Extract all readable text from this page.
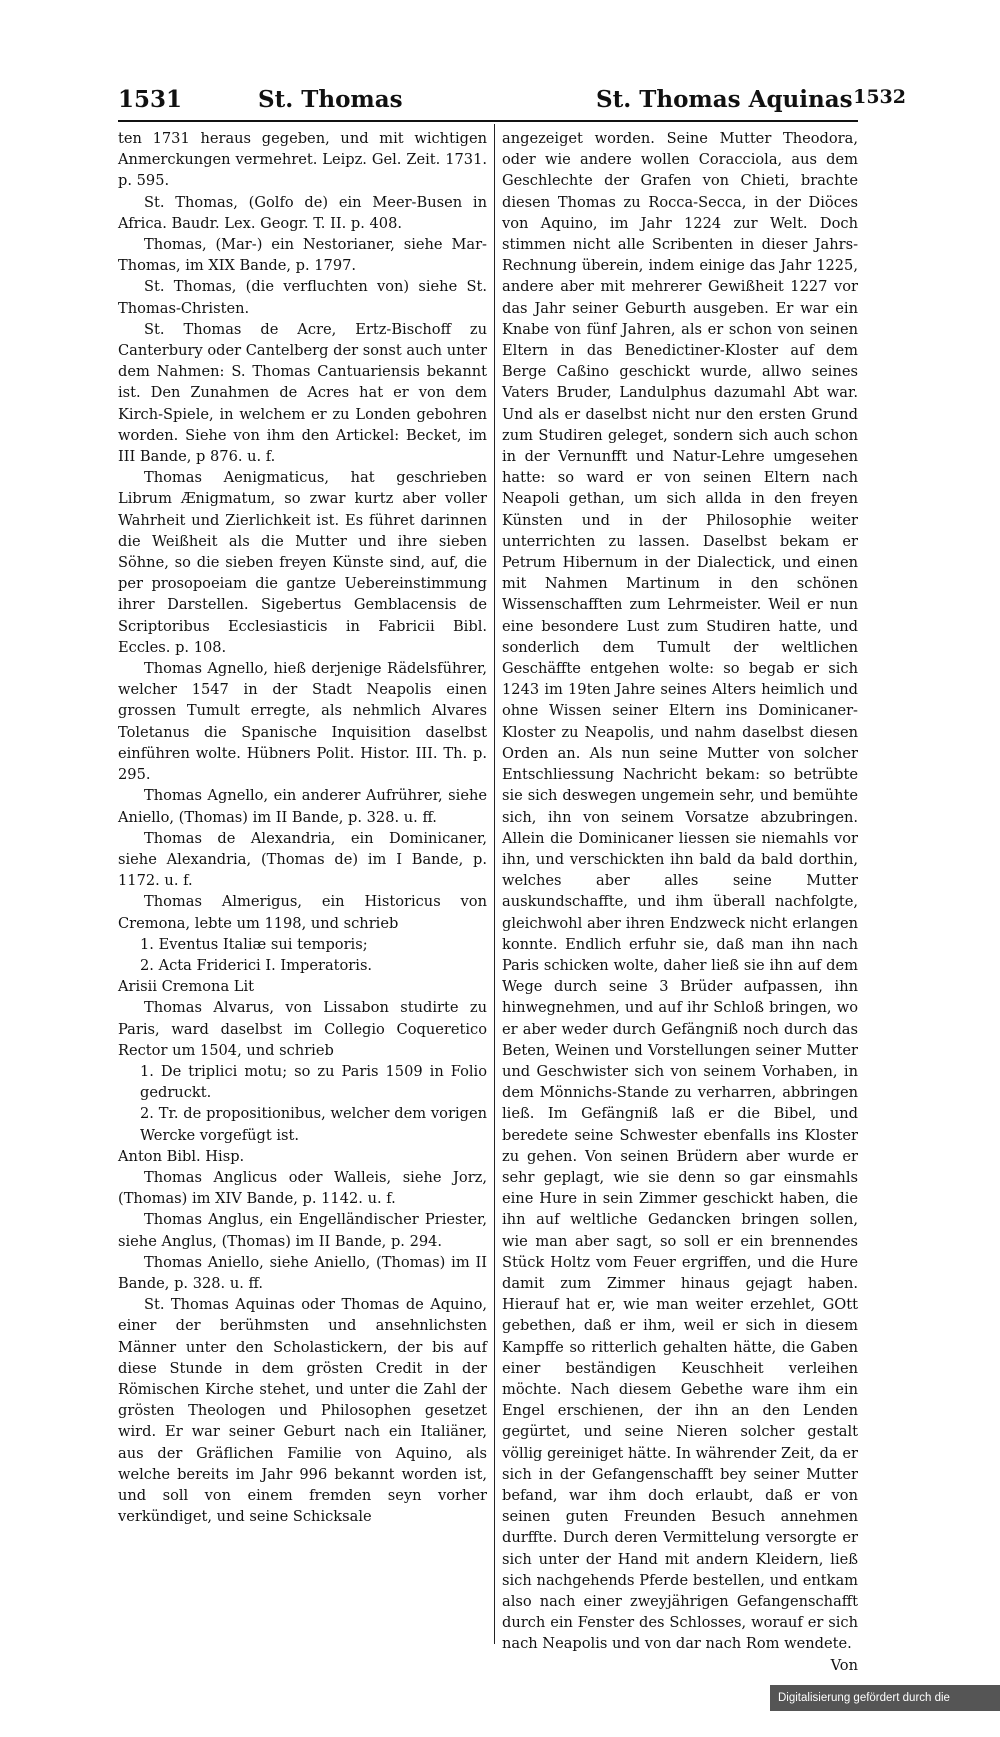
1531	St. Thomas	St. Thomas Aquinas 1532

ten 1731 heraus gegeben, und mit wichtigen Anmerckungen vermehret. Leipz. Gel. Zeit. 1731. p. 595.

St. Thomas, (Golfo de) ein Meer-Busen in Africa. Baudr. Lex. Geogr. T. II. p. 408.

Thomas, (Mar-) ein Nestorianer, siehe Mar-Thomas, im XIX Bande, p. 1797.

St. Thomas, (die verfluchten von) siehe St. Thomas-Christen.

St. Thomas de Acre, Ertz-Bischoff zu Canterbury oder Cantelberg der sonst auch unter dem Nahmen: S. Thomas Cantuariensis bekannt ist. Den Zunahmen de Acres hat er von dem Kirch-Spiele, in welchem er zu Londen gebohren worden. Siehe von ihm den Artickel: Becket, im III Bande, p 876. u. f.

Thomas Aenigmaticus, hat geschrieben Librum Ænigmatum, so zwar kurtz aber voller Wahrheit und Zierlichkeit ist. Es führet darinnen die Weißheit als die Mutter und ihre sieben Söhne, so die sieben freyen Künste sind, auf, die per prosopoeiam die gantze Uebereinstimmung ihrer Darstellen. Sigebertus Gemblacensis de Scriptoribus Ecclesiasticis in Fabricii Bibl. Eccles. p. 108.

Thomas Agnello, hieß derjenige Rädelsführer, welcher 1547 in der Stadt Neapolis einen grossen Tumult erregte, als nehmlich Alvares Toletanus die Spanische Inquisition daselbst einführen wolte. Hübners Polit. Histor. III. Th. p. 295.

Thomas Agnello, ein anderer Aufrührer, siehe Aniello, (Thomas) im II Bande, p. 328. u. ff.

Thomas de Alexandria, ein Dominicaner, siehe Alexandria, (Thomas de) im I Bande, p. 1172. u. f.

Thomas Almerigus, ein Historicus von Cremona, lebte um 1198, und schrieb

1. Eventus Italiæ sui temporis;

2. Acta Friderici I. Imperatoris.

Arisii Cremona Lit

Thomas Alvarus, von Lissabon studirte zu Paris, ward daselbst im Collegio Coqueretico Rector um 1504, und schrieb

1. De triplici motu; so zu Paris 1509 in Folio gedruckt.

2. Tr. de propositionibus, welcher dem vorigen Wercke vorgefügt ist.

Anton Bibl. Hisp.

Thomas Anglicus oder Walleis, siehe Jorz, (Thomas) im XIV Bande, p. 1142. u. f.

Thomas Anglus, ein Engelländischer Priester, siehe Anglus, (Thomas) im II Bande, p. 294.

Thomas Aniello, siehe Aniello, (Thomas) im II Bande, p. 328. u. ff.

St. Thomas Aquinas oder Thomas de Aquino, einer der berühmsten und ansehnlichsten Männer unter den Scholastickern, der bis auf diese Stunde in dem grösten Credit in der Römischen Kirche stehet, und unter die Zahl der grösten Theologen und Philosophen gesetzet wird. Er war seiner Geburt nach ein Italiäner, aus der Gräflichen Familie von Aquino, als welche bereits im Jahr 996 bekannt worden ist, und soll von einem fremden seyn vorher verkündiget, und seine Schicksale

angezeiget worden. Seine Mutter Theodora, oder wie andere wollen Coracciola, aus dem Geschlechte der Grafen von Chieti, brachte diesen Thomas zu Rocca-Secca, in der Diöces von Aquino, im Jahr 1224 zur Welt. Doch stimmen nicht alle Scribenten in dieser Jahrs-Rechnung überein, indem einige das Jahr 1225, andere aber mit mehrerer Gewißheit 1227 vor das Jahr seiner Geburth ausgeben. Er war ein Knabe von fünf Jahren, als er schon von seinen Eltern in das Benedictiner-Kloster auf dem Berge Caßino geschickt wurde, allwo seines Vaters Bruder, Landulphus dazumahl Abt war. Und als er daselbst nicht nur den ersten Grund zum Studiren geleget, sondern sich auch schon in der Vernunfft und Natur-Lehre umgesehen hatte: so ward er von seinen Eltern nach Neapoli gethan, um sich allda in den freyen Künsten und in der Philosophie weiter unterrichten zu lassen. Daselbst bekam er Petrum Hibernum in der Dialectick, und einen mit Nahmen Martinum in den schönen Wissenschafften zum Lehrmeister. Weil er nun eine besondere Lust zum Studiren hatte, und sonderlich dem Tumult der weltlichen Geschäffte entgehen wolte: so begab er sich 1243 im 19ten Jahre seines Alters heimlich und ohne Wissen seiner Eltern ins Dominicaner-Kloster zu Neapolis, und nahm daselbst diesen Orden an. Als nun seine Mutter von solcher Entschliessung Nachricht bekam: so betrübte sie sich deswegen ungemein sehr, und bemühte sich, ihn von seinem Vorsatze abzubringen. Allein die Dominicaner liessen sie niemahls vor ihn, und verschickten ihn bald da bald dorthin, welches aber alles seine Mutter auskundschaffte, und ihm überall nachfolgte, gleichwohl aber ihren Endzweck nicht erlangen konnte. Endlich erfuhr sie, daß man ihn nach Paris schicken wolte, daher ließ sie ihn auf dem Wege durch seine 3 Brüder aufpassen, ihn hinwegnehmen, und auf ihr Schloß bringen, wo er aber weder durch Gefängniß noch durch das Beten, Weinen und Vorstellungen seiner Mutter und Geschwister sich von seinem Vorhaben, in dem Mönnichs-Stande zu verharren, abbringen ließ. Im Gefängniß laß er die Bibel, und beredete seine Schwester ebenfalls ins Kloster zu gehen. Von seinen Brüdern aber wurde er sehr geplagt, wie sie denn so gar einsmahls eine Hure in sein Zimmer geschickt haben, die ihn auf weltliche Gedancken bringen sollen, wie man aber sagt, so soll er ein brennendes Stück Holtz vom Feuer ergriffen, und die Hure damit zum Zimmer hinaus gejagt haben. Hierauf hat er, wie man weiter erzehlet, GOtt gebethen, daß er ihm, weil er sich in diesem Kampffe so ritterlich gehalten hätte, die Gaben einer beständigen Keuschheit verleihen möchte. Nach diesem Gebethe ware ihm ein Engel erschienen, der ihn an den Lenden gegürtet, und seine Nieren solcher gestalt völlig gereiniget hätte. In währender Zeit, da er sich in der Gefangenschafft bey seiner Mutter befand, war ihm doch erlaubt, daß er von seinen guten Freunden Besuch annehmen durffte. Durch deren Vermittelung versorgte er sich unter der Hand mit andern Kleidern, ließ sich nachgehends Pferde bestellen, und entkam also nach einer zweyjährigen Gefangenschafft durch ein Fenster des Schlosses, worauf er sich nach Neapolis und von dar nach Rom wendete.

Von

Digitalisierung gefördert durch die Deutsche Forschungsgemeinschaft DFG
